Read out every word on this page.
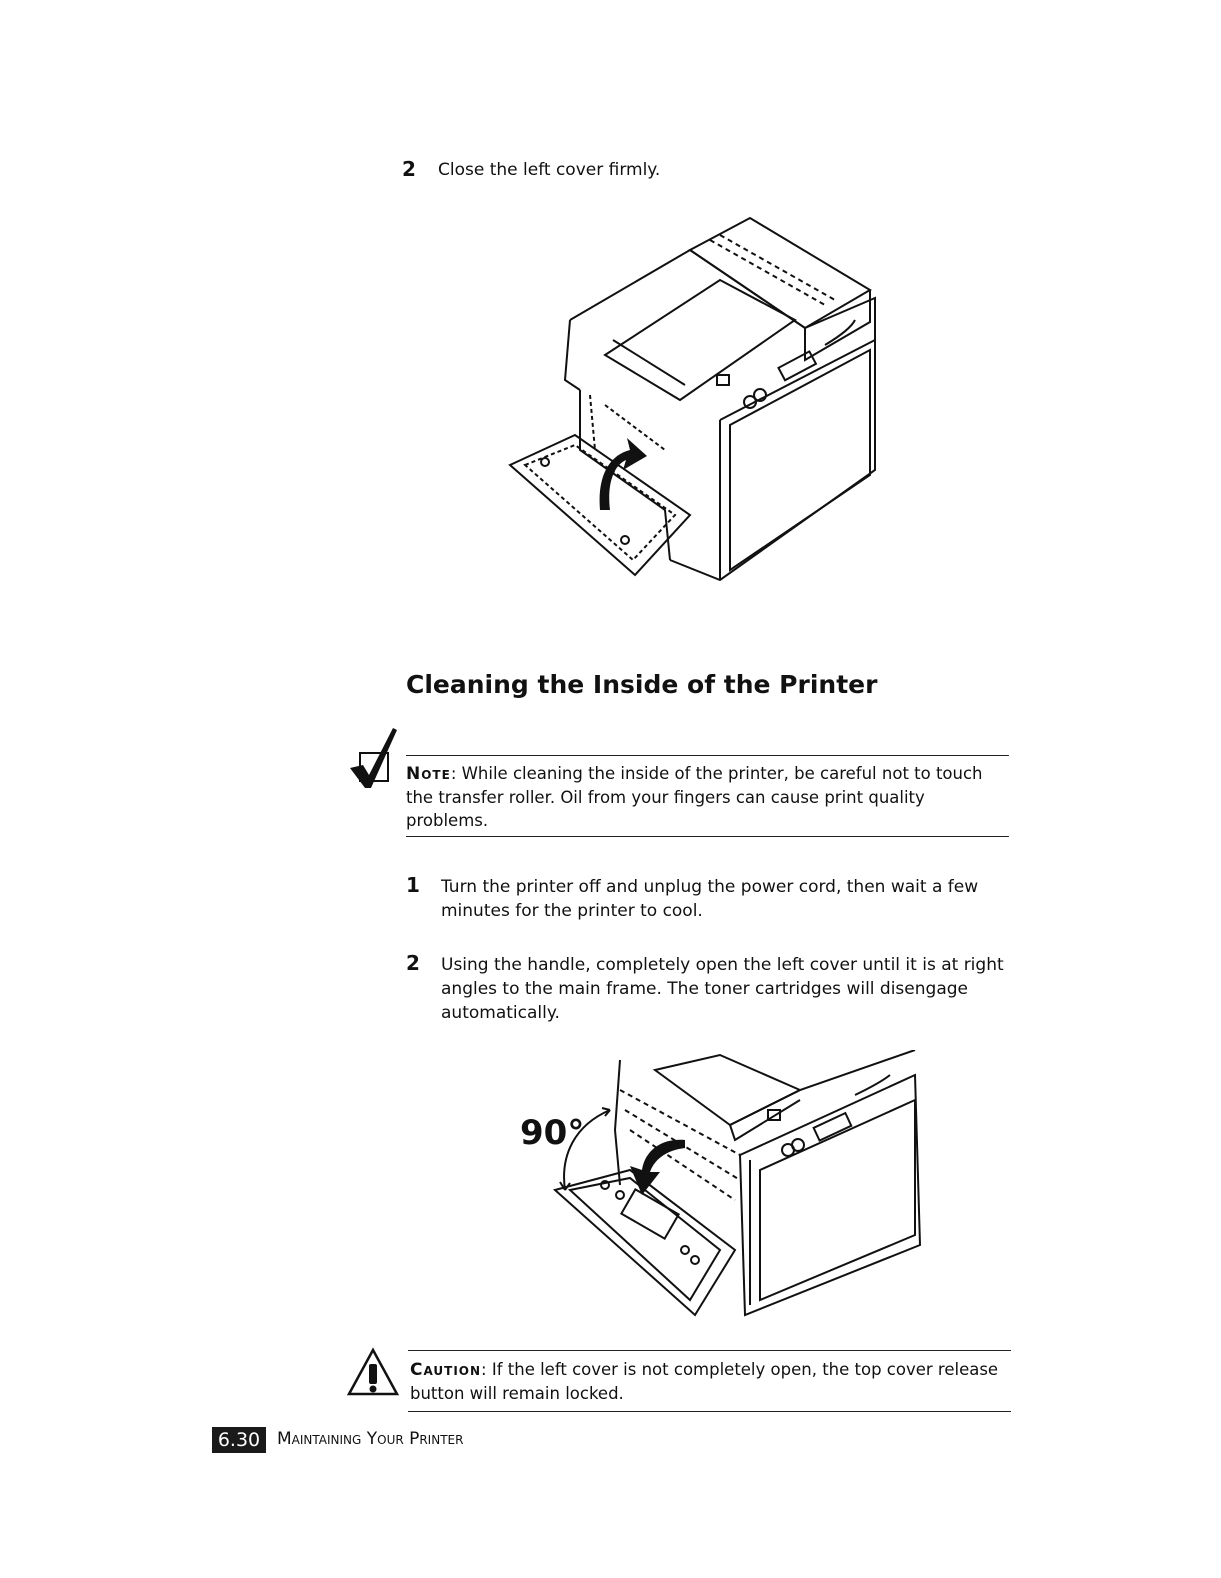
2 Close the left cover firmly.
Cleaning the Inside of the Printer
Note: While cleaning the inside of the printer, be careful not to touch the transfer roller. Oil from your fingers can cause print quality problems.
1 Turn the printer off and unplug the power cord, then wait a few minutes for the printer to cool.
2 Using the handle, completely open the left cover until it is at right angles to the main frame. The toner cartridges will disengage automatically.
90°
Caution: If the left cover is not completely open, the top cover release button will remain locked.
6.30 Maintaining Your Printer
